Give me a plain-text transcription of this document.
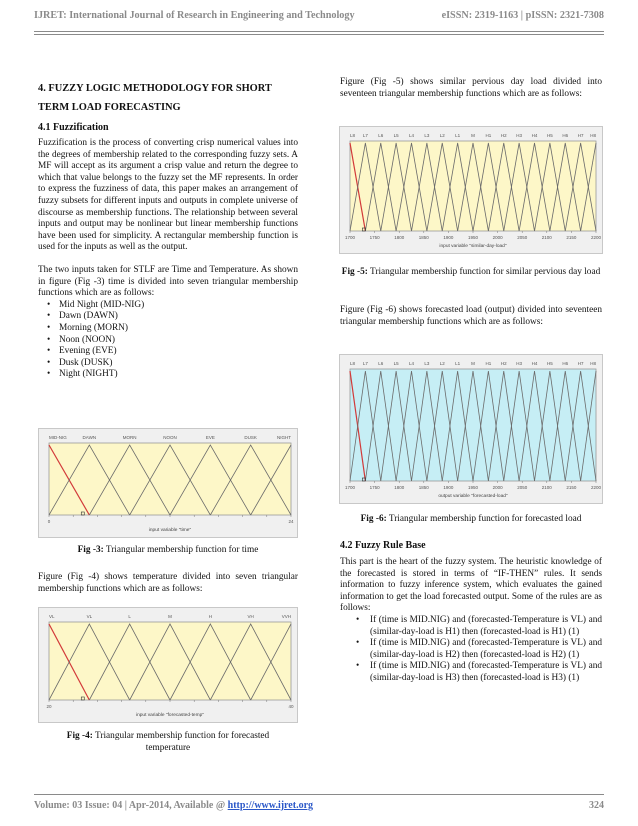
IJRET: International Journal of Research in Engineering and Technology	eISSN: 2319-1163 | pISSN: 2321-7308
4. FUZZY LOGIC METHODOLOGY FOR SHORT TERM LOAD FORECASTING
4.1 Fuzzification

Fuzzification is the process of converting crisp numerical values into the degrees of membership related to the corresponding fuzzy sets. A MF will accept as its argument a crisp value and return the degree to which that value belongs to the fuzzy set the MF represents. In order to express the fuzziness of data, this paper makes an arrangement of fuzzy subsets for different inputs and outputs in complete universe of discourse as membership functions. The relationship between several inputs and output may be nonlinear but linear membership functions have been used for simplicity. A rectangular membership function is used for the inputs as well as the output.

The two inputs taken for STLF are Time and Temperature. As shown in figure (Fig -3) time is divided into seven triangular membership functions which are as follows:

• Mid Night (MID-NIG)
• Dawn (DAWN)
• Morning (MORN)
• Noon (NOON)
• Evening (EVE)
• Dusk (DUSK)
• Night (NIGHT)
MID-NIG	DAWN	MORN	NOON	EVE	DUSK	NIGHT
0	24
input variable "time"
Fig -3: Triangular membership function for time

Figure (Fig -4) shows temperature divided into seven triangular membership functions which are as follows:

VL	VL	L	M	H	VH	VVH
20	40
input variable "forecasted-temp"
Fig -4: Triangular membership function for forecasted temperature

Figure (Fig -5) shows similar pervious day load divided into seventeen triangular membership functions which are as follows:

L8 L7 L6 L5 L4 L3 L2 L1 M H1 H2 H3 H4 H5 H6 H7 H8
1700	1750	1800	1850	1900	1950	2000	2050	2100	2150	2200
input variable "similar-day-load"
Fig -5: Triangular membership function for similar pervious day load

Figure (Fig -6) shows forecasted load (output) divided into seventeen triangular membership functions which are as follows:

L8 L7 L6 L5 L4 L3 L2 L1 M H1 H2 H3 H4 H5 H6 H7 H8
1700	1750	1800	1850	1900	1950	2000	2050	2100	2150	2200
output variable "forecasted-load"
Fig -6: Triangular membership function for forecasted load
4.2 Fuzzy Rule Base

This part is the heart of the fuzzy system. The heuristic knowledge of the forecasted is stored in terms of “IF-THEN” rules. It sends information to fuzzy inference system, which evaluates the gained information to get the load forecasted output. Some of the rules are as follows:

• If (time is MID.NIG) and (forecasted-Temperature is VL) and (similar-day-load is H1) then (forecasted-load is H1) (1)
• If (time is MID.NIG) and (forecasted-Temperature is VL) and (similar-day-load is H2) then (forecasted-load is H2) (1)
• If (time is MID.NIG) and (forecasted-Temperature is VL) and (similar-day-load is H3) then (forecasted-load is H3) (1)
Volume: 03 Issue: 04 | Apr-2014, Available @ http://www.ijret.org	324
